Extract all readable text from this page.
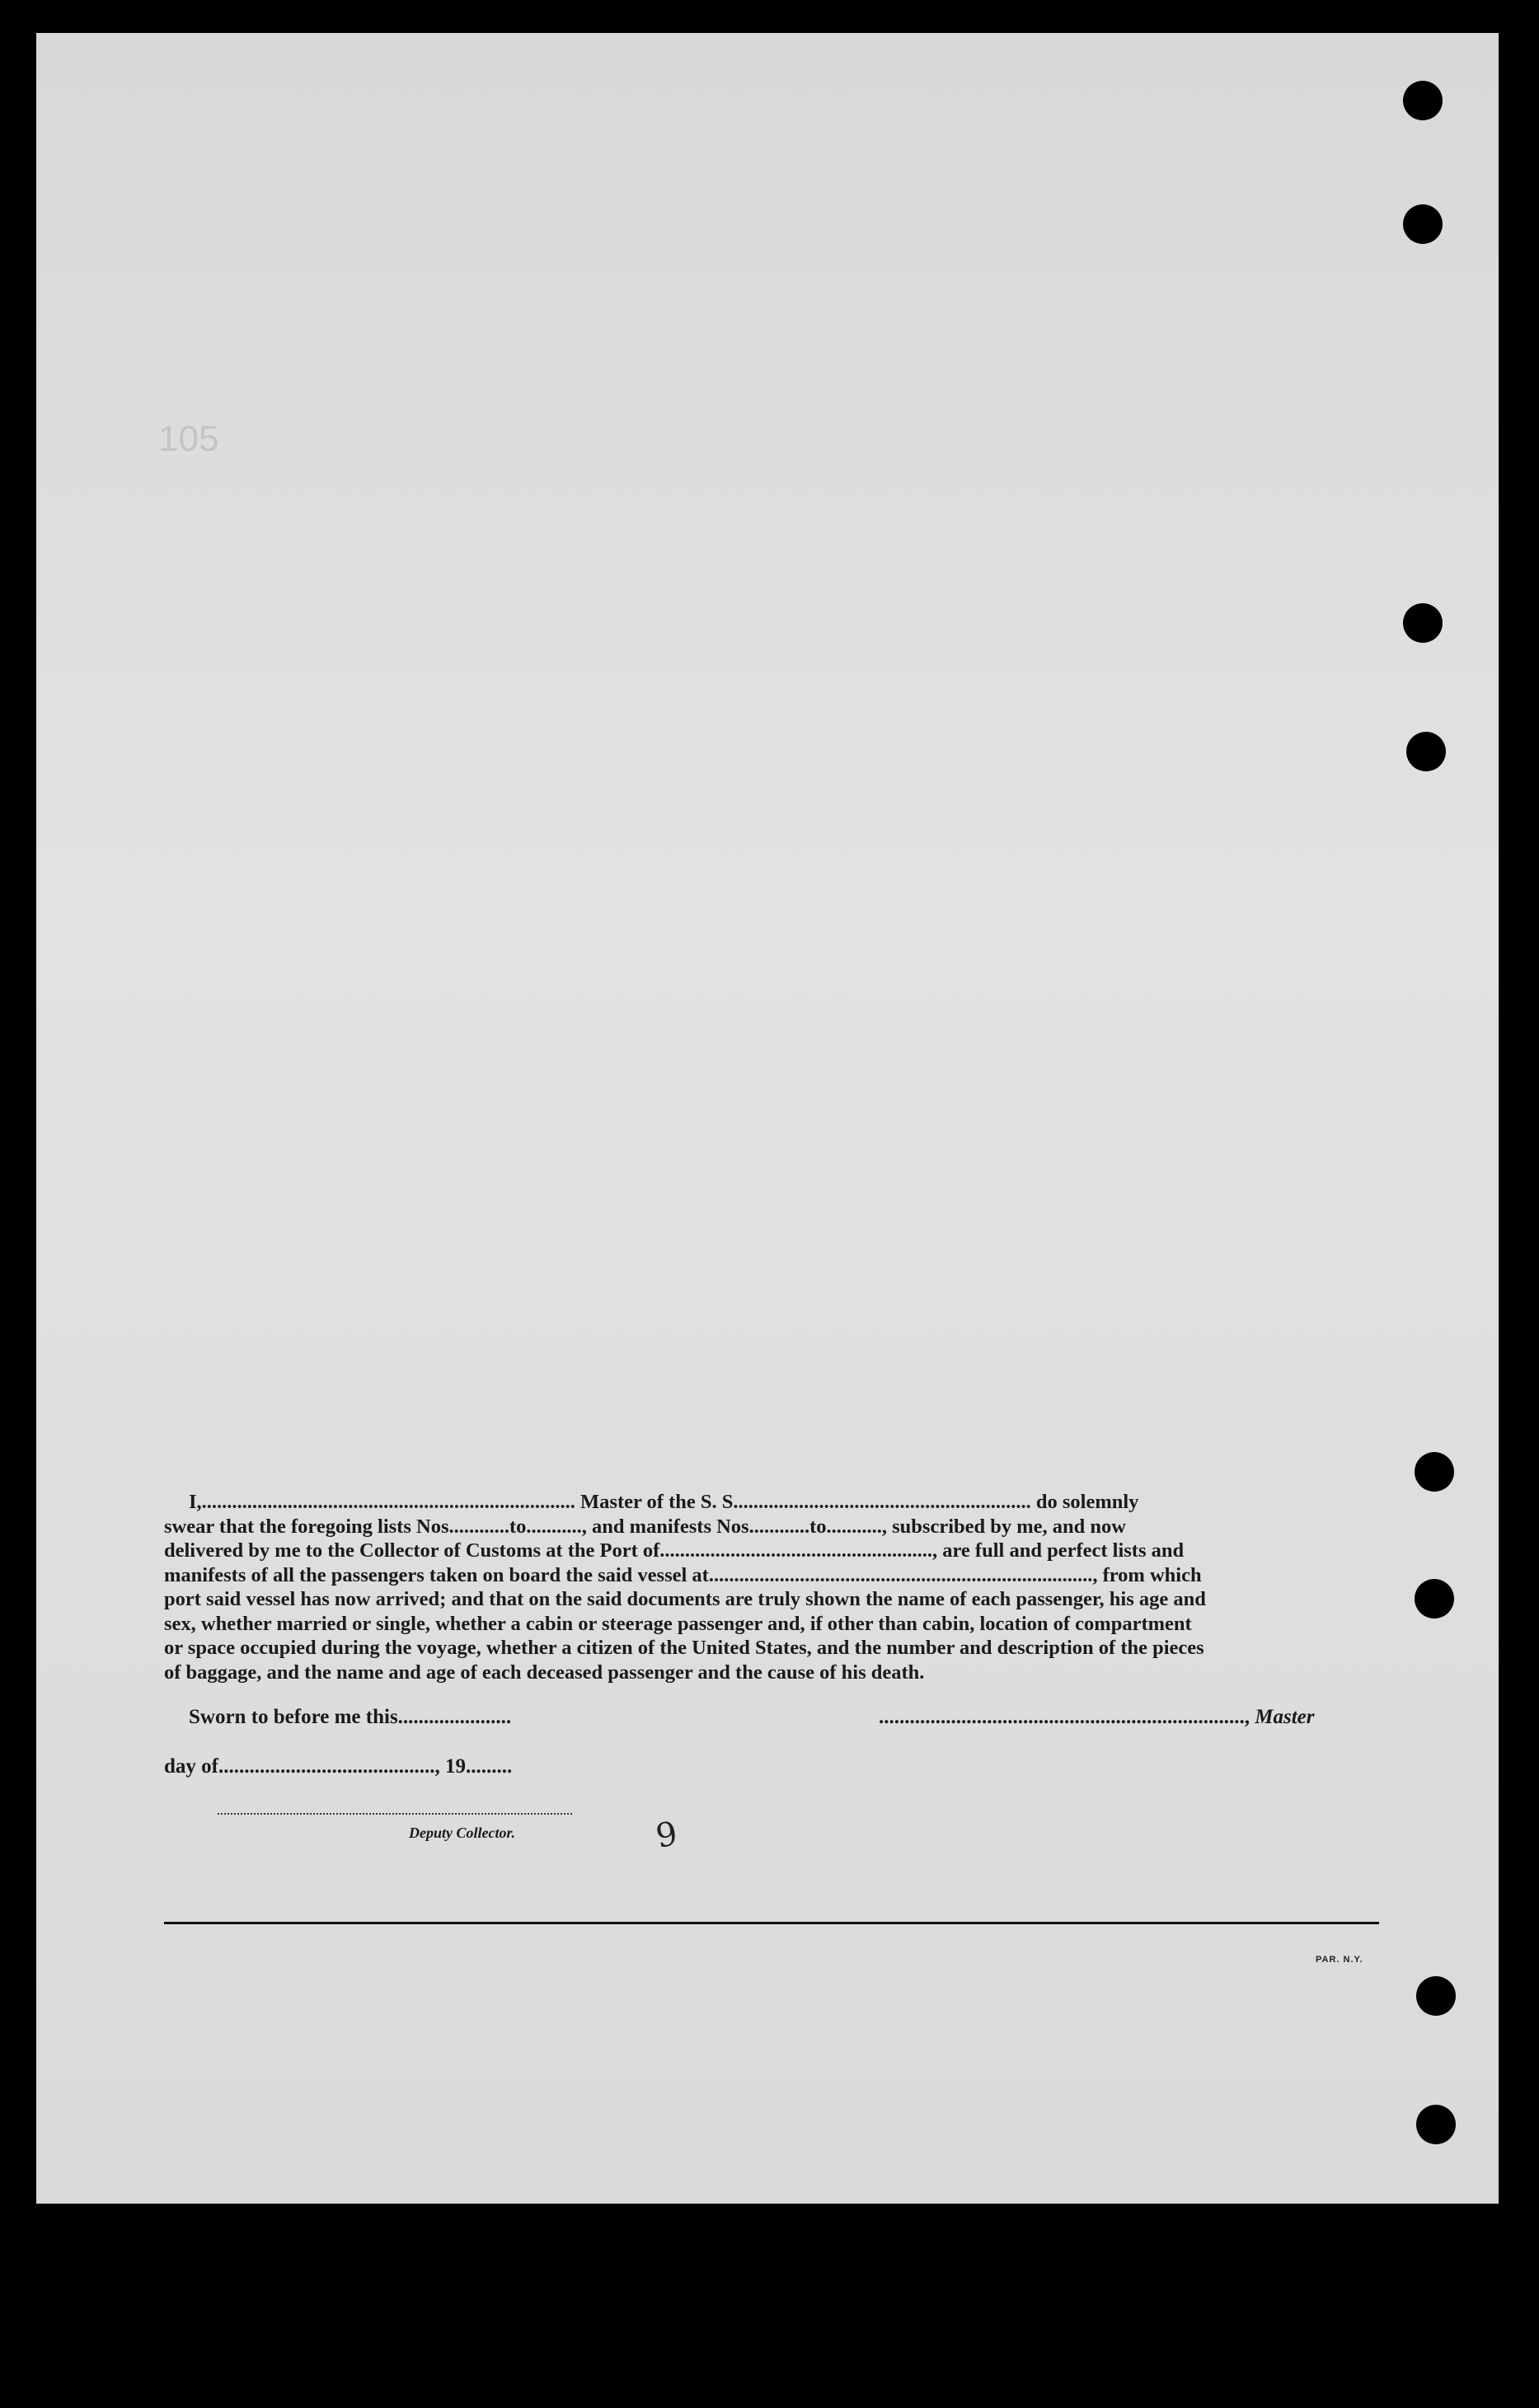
105
I,.......................................................................... Master of the S. S........................................................... do solemnly
swear that the foregoing lists Nos............to..........., and manifests Nos............to..........., subscribed by me, and now
delivered by me to the Collector of Customs at the Port of......................................................, are full and perfect lists and
manifests of all the passengers taken on board the said vessel at............................................................................, from which
port said vessel has now arrived; and that on the said documents are truly shown the name of each passenger, his age and
sex, whether married or single, whether a cabin or steerage passenger and, if other than cabin, location of compartment
or space occupied during the voyage, whether a citizen of the United States, and the number and description of the pieces
of baggage, and the name and age of each deceased passenger and the cause of his death.
Sworn to before me this......................	......................................................................., Master
day of.........................................., 19.........
Deputy Collector.	9
PAR. N.Y.
